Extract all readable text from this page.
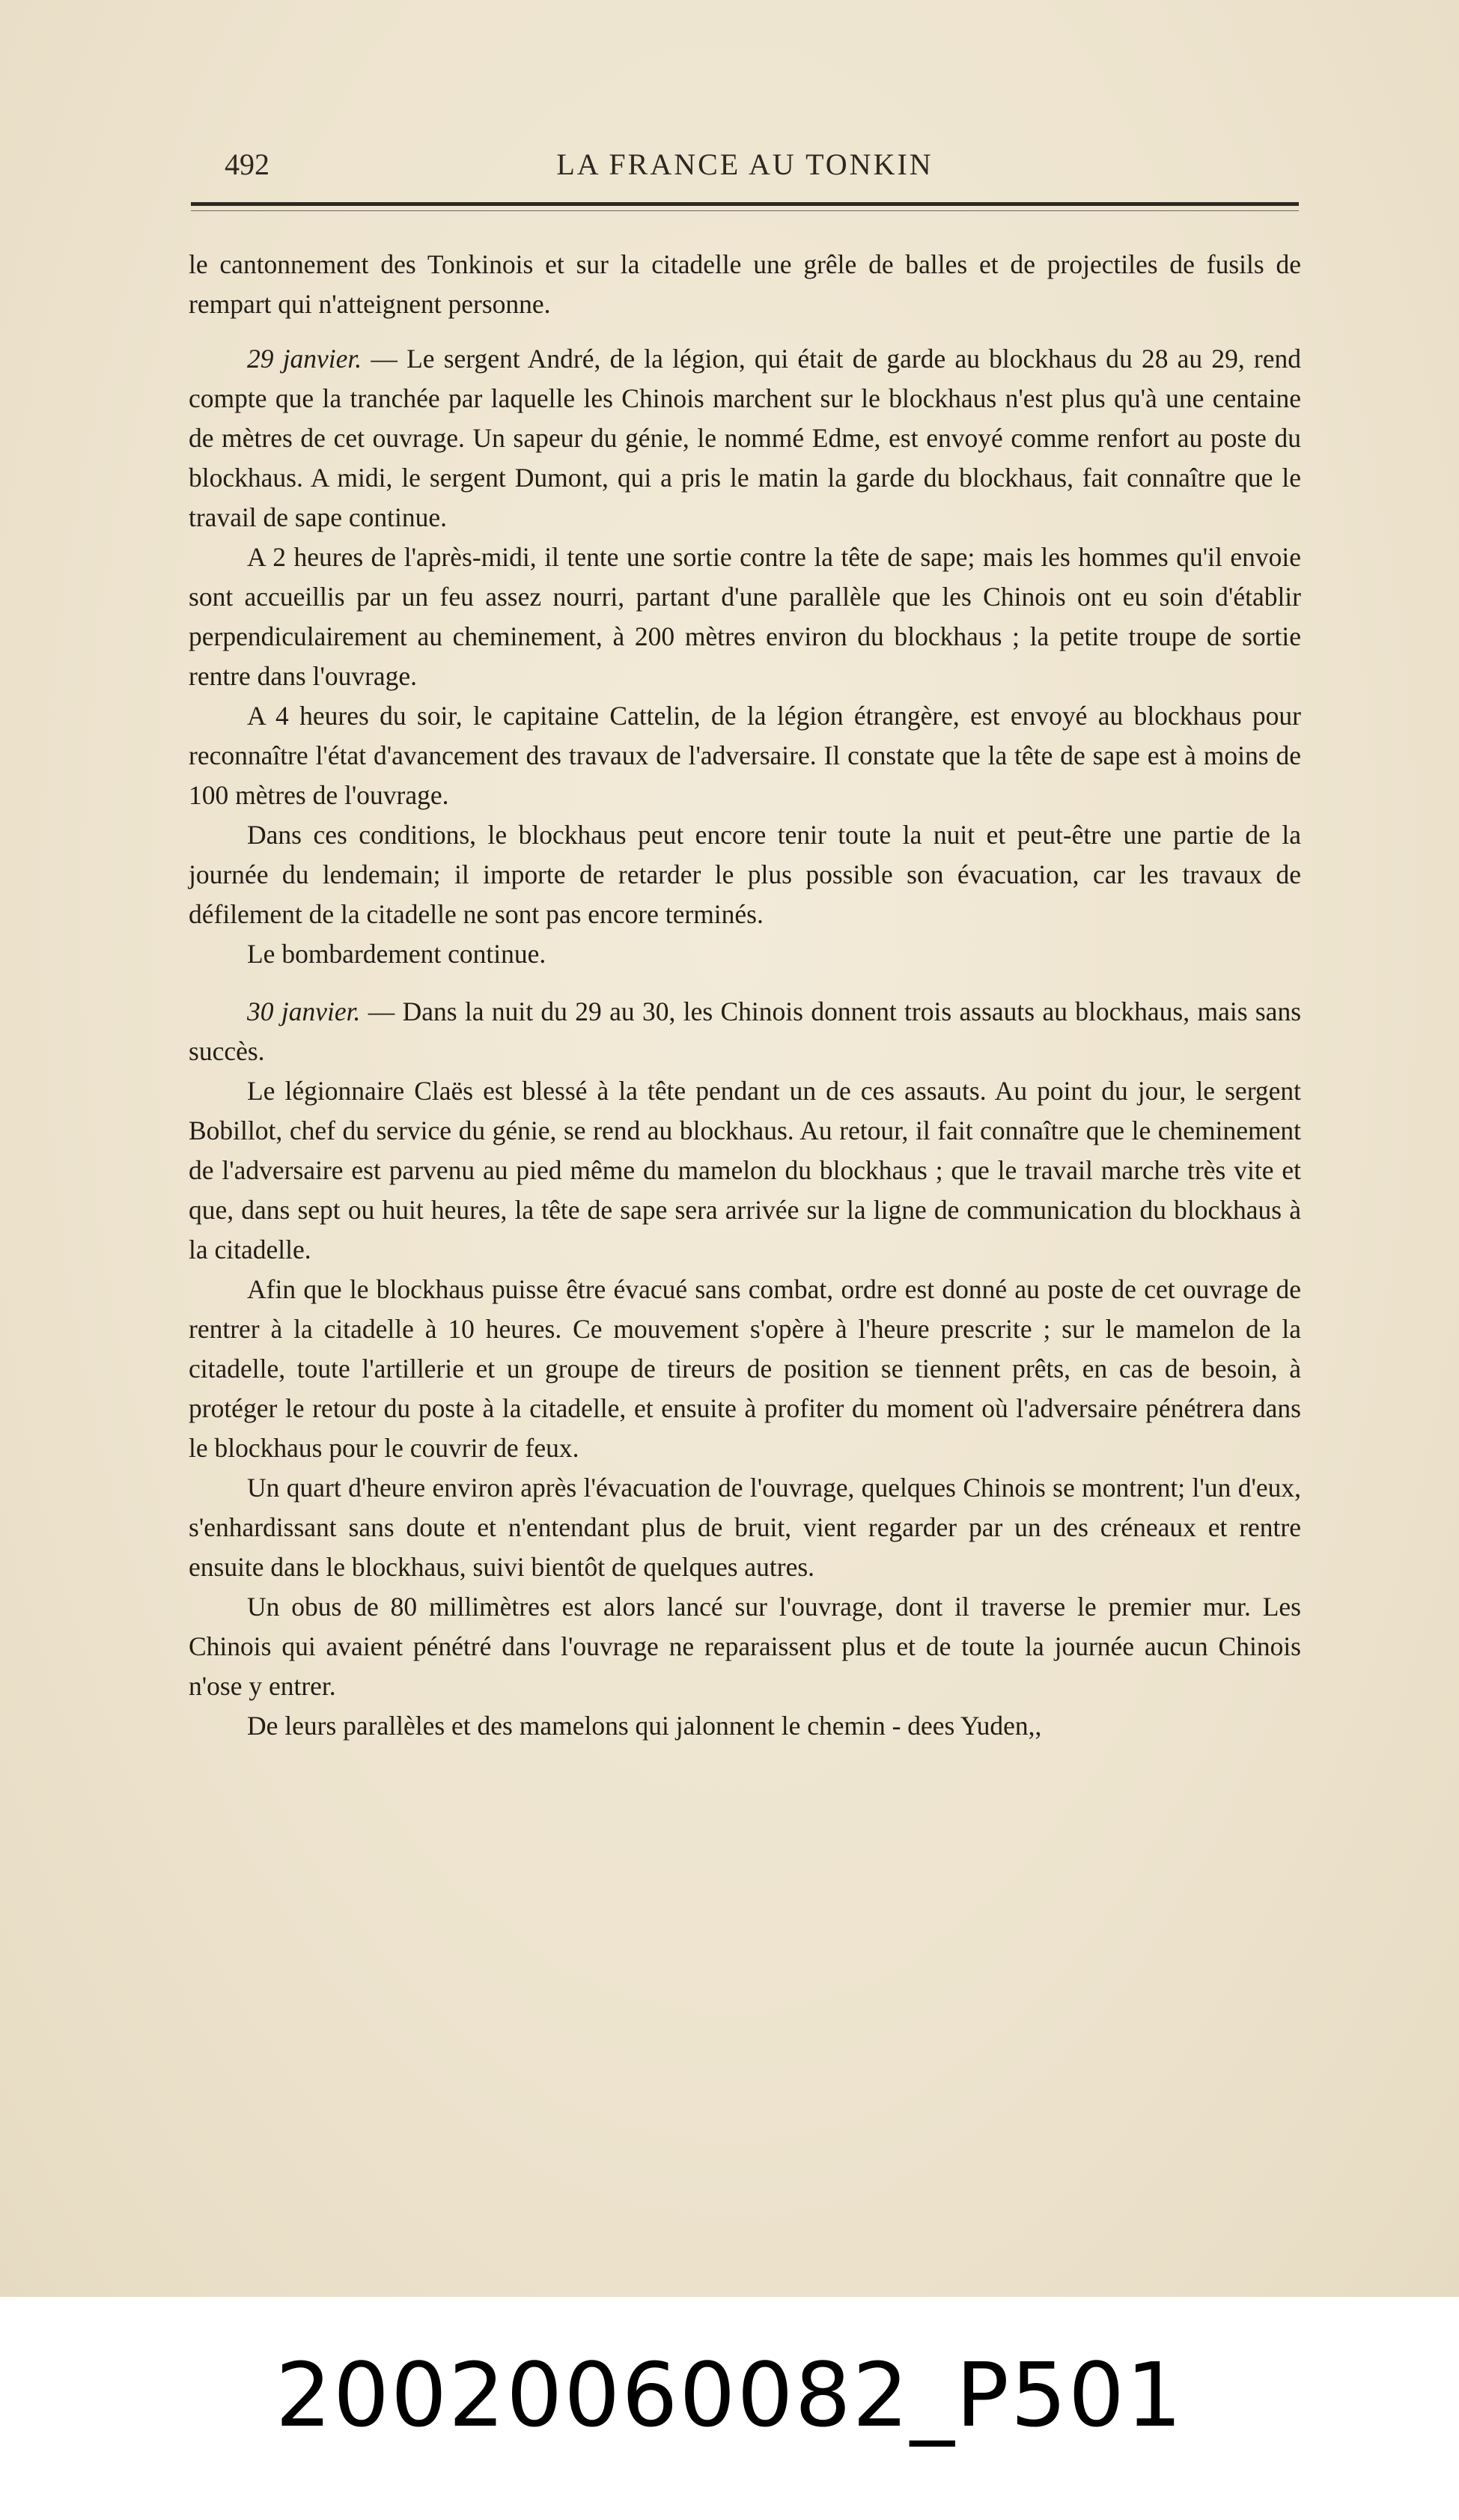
492	LA FRANCE AU TONKIN

le cantonnement des Tonkinois et sur la citadelle une grêle de balles et de projectiles de fusils de rempart qui n'atteignent personne.

29 janvier. — Le sergent André, de la légion, qui était de garde au blockhaus du 28 au 29, rend compte que la tranchée par laquelle les Chinois marchent sur le blockhaus n'est plus qu'à une centaine de mètres de cet ouvrage. Un sapeur du génie, le nommé Edme, est envoyé comme renfort au poste du blockhaus. A midi, le sergent Dumont, qui a pris le matin la garde du blockhaus, fait connaître que le travail de sape continue.

A 2 heures de l'après-midi, il tente une sortie contre la tête de sape; mais les hommes qu'il envoie sont accueillis par un feu assez nourri, partant d'une parallèle que les Chinois ont eu soin d'établir perpendiculairement au cheminement, à 200 mètres environ du blockhaus ; la petite troupe de sortie rentre dans l'ouvrage.

A 4 heures du soir, le capitaine Cattelin, de la légion étrangère, est envoyé au blockhaus pour reconnaître l'état d'avancement des travaux de l'adversaire. Il constate que la tête de sape est à moins de 100 mètres de l'ouvrage.

Dans ces conditions, le blockhaus peut encore tenir toute la nuit et peut-être une partie de la journée du lendemain; il importe de retarder le plus possible son évacuation, car les travaux de défilement de la citadelle ne sont pas encore terminés.

Le bombardement continue.

30 janvier. — Dans la nuit du 29 au 30, les Chinois donnent trois assauts au blockhaus, mais sans succès.

Le légionnaire Claës est blessé à la tête pendant un de ces assauts. Au point du jour, le sergent Bobillot, chef du service du génie, se rend au blockhaus. Au retour, il fait connaître que le cheminement de l'adversaire est parvenu au pied même du mamelon du blockhaus ; que le travail marche très vite et que, dans sept ou huit heures, la tête de sape sera arrivée sur la ligne de communication du blockhaus à la citadelle.

Afin que le blockhaus puisse être évacué sans combat, ordre est donné au poste de cet ouvrage de rentrer à la citadelle à 10 heures. Ce mouvement s'opère à l'heure prescrite ; sur le mamelon de la citadelle, toute l'artillerie et un groupe de tireurs de position se tiennent prêts, en cas de besoin, à protéger le retour du poste à la citadelle, et ensuite à profiter du moment où l'adversaire pénétrera dans le blockhaus pour le couvrir de feux.

Un quart d'heure environ après l'évacuation de l'ouvrage, quelques Chinois se montrent; l'un d'eux, s'enhardissant sans doute et n'entendant plus de bruit, vient regarder par un des créneaux et rentre ensuite dans le blockhaus, suivi bientôt de quelques autres.

Un obus de 80 millimètres est alors lancé sur l'ouvrage, dont il traverse le premier mur. Les Chinois qui avaient pénétré dans l'ouvrage ne reparaissent plus et de toute la journée aucun Chinois n'ose y entrer.

De leurs parallèles et des mamelons qui jalonnent le chemin - dees Yuden,,

20020060082_P501
